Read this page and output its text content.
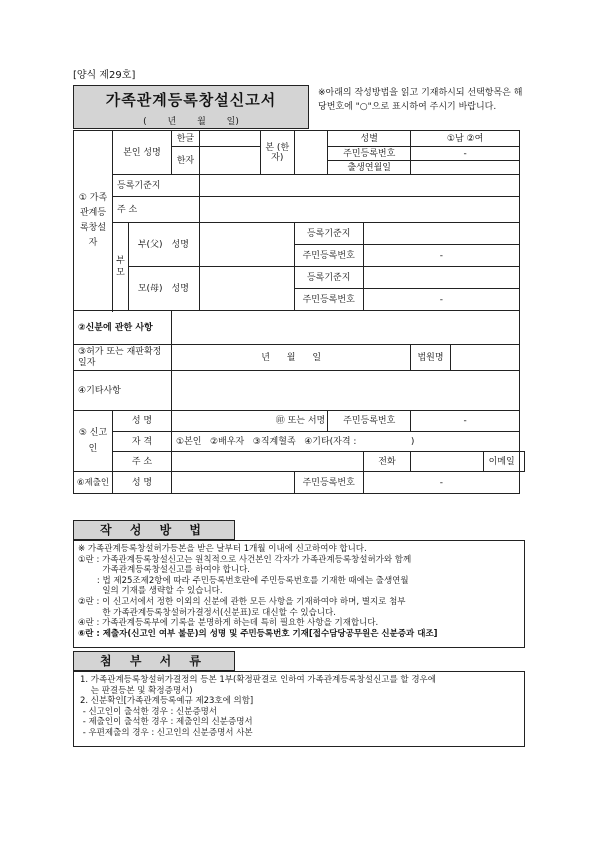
[양식 제29호]
가족관계등록창설신고서
( 년 월 일)
※아래의 작성방법을 읽고 기재하시되 선택항목은 해당번호에 "○"으로 표시하여 주시기 바랍니다.
① 가족관계등록창설자	본인 성명		한글		본 (한자)		성별		①남 ②여			
			한자				주민등록번호		-			
							출생연월일					
	등록기준지											
	주 소											
	부 모	부(父)	성명			등록기준지						
						주민등록번호		-				
		모(母)	성명			등록기준지						
						주민등록번호		-				

②신분에 관한 사항												
③허가 또는 재판확정일자			년 월 일						법원명			
④기타사항												
⑤ 신고인	성 명		㊞ 또는 서명				주민등록번호		-			
	자 격		①본인   ②배우자   ③직계혈족   ④기타(자격 :                   )									
	주 소							전화			이메일	
⑥제출인	성 명					주민등록번호		-				
작 성 방 법
※ 가족관계등록창설허가등본을 받은 날부터 1개월 이내에 신고하여야 합니다.
①란 : 가족관계등록창설신고는 원칙적으로 사건본인 각자가 가족관계등록창설허가와 함께
가족관계등록창설신고를 하여야 합니다.
: 법 제25조제2항에 따라 주민등록번호란에 주민등록번호를 기재한 때에는 출생연월
일의 기재를 생략할 수 있습니다.
②란 : 이 신고서에서 정한 이외의 신분에 관한 모든 사항을 기재하여야 하며, 별지로 첨부
한 가족관계등록창설허가결정서(신분표)로 대신할 수 있습니다.
④란 : 가족관계등록부에 기록을 분명하게 하는데 특히 필요한 사항을 기재합니다.
⑥란 : 제출자(신고인 여부 불문)의 성명 및 주민등록번호 기재[접수담당공무원은 신분증과 대조]
첨 부 서 류
1. 가족관계등록창설허가결정의 등본 1부(확정판결로 인하여 가족관계등록창설신고를 할 경우에
는 판결등본 및 확정증명서)
2. 신분확인[가족관계등록예규 제23호에 의함]
- 신고인이 출석한 경우 : 신분증명서
- 제출인이 출석한 경우 : 제출인의 신분증명서
- 우편제출의 경우 : 신고인의 신분증명서 사본
